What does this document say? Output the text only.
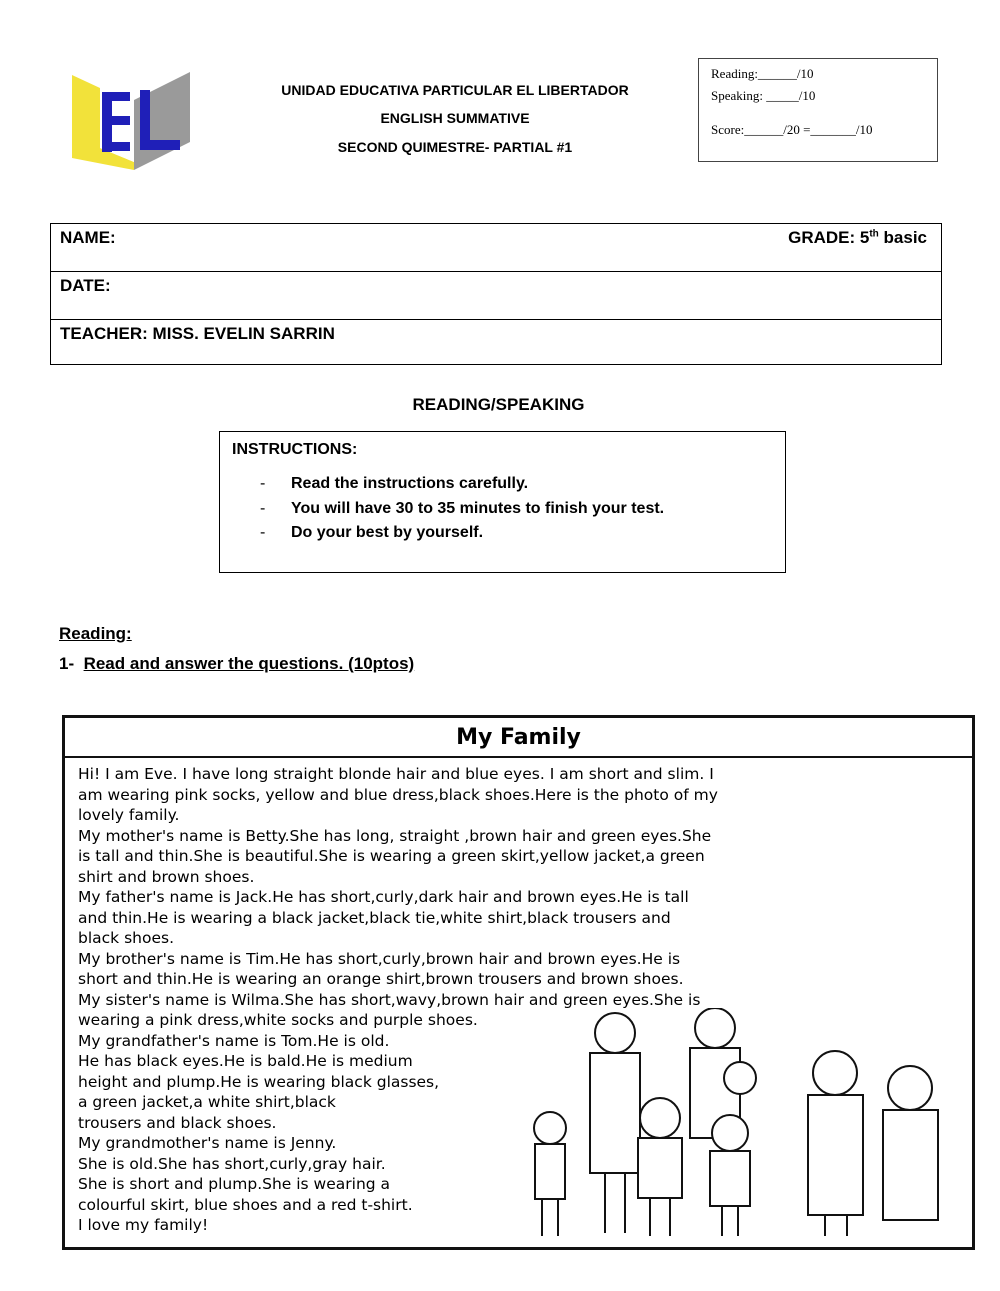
UNIDAD EDUCATIVA PARTICULAR EL LIBERTADOR
ENGLISH SUMMATIVE
SECOND QUIMESTRE- PARTIAL #1
Reading:______/10
Speaking: _____/10
Score:______/20 =_______/10
NAME:	GRADE: 5th basic
DATE:
TEACHER: MISS. EVELIN SARRIN
READING/SPEAKING
INSTRUCTIONS:
- Read the instructions carefully.
- You will have 30 to 35 minutes to finish your test.
- Do your best by yourself.
Reading:
1- Read and answer the questions. (10ptos)
My Family
Hi! I am Eve. I have long straight blonde hair and blue eyes. I am short and slim. I
am wearing pink socks, yellow and blue dress,black shoes.Here is the photo of my
lovely family.
My mother's name is Betty.She has long, straight ,brown hair and green eyes.She
is tall and thin.She is beautiful.She is wearing a green skirt,yellow jacket,a green
shirt and brown shoes.
My father's name is Jack.He has short,curly,dark hair and brown eyes.He is tall
and thin.He is wearing a black jacket,black tie,white shirt,black trousers and
black shoes.
My brother's name is Tim.He has short,curly,brown hair and brown eyes.He is
short and thin.He is wearing an orange shirt,brown trousers and brown shoes.
My sister's name is Wilma.She has short,wavy,brown hair and green eyes.She is
wearing a pink dress,white socks and purple shoes.
My grandfather's name is Tom.He is old.
He has black eyes.He is bald.He is medium
height and plump.He is wearing black glasses,
a green jacket,a white shirt,black
trousers and black shoes.
My grandmother's name is Jenny.
She is old.She has short,curly,gray hair.
She is short and plump.She is wearing a
colourful skirt, blue shoes and a red t-shirt.
I love my family!
